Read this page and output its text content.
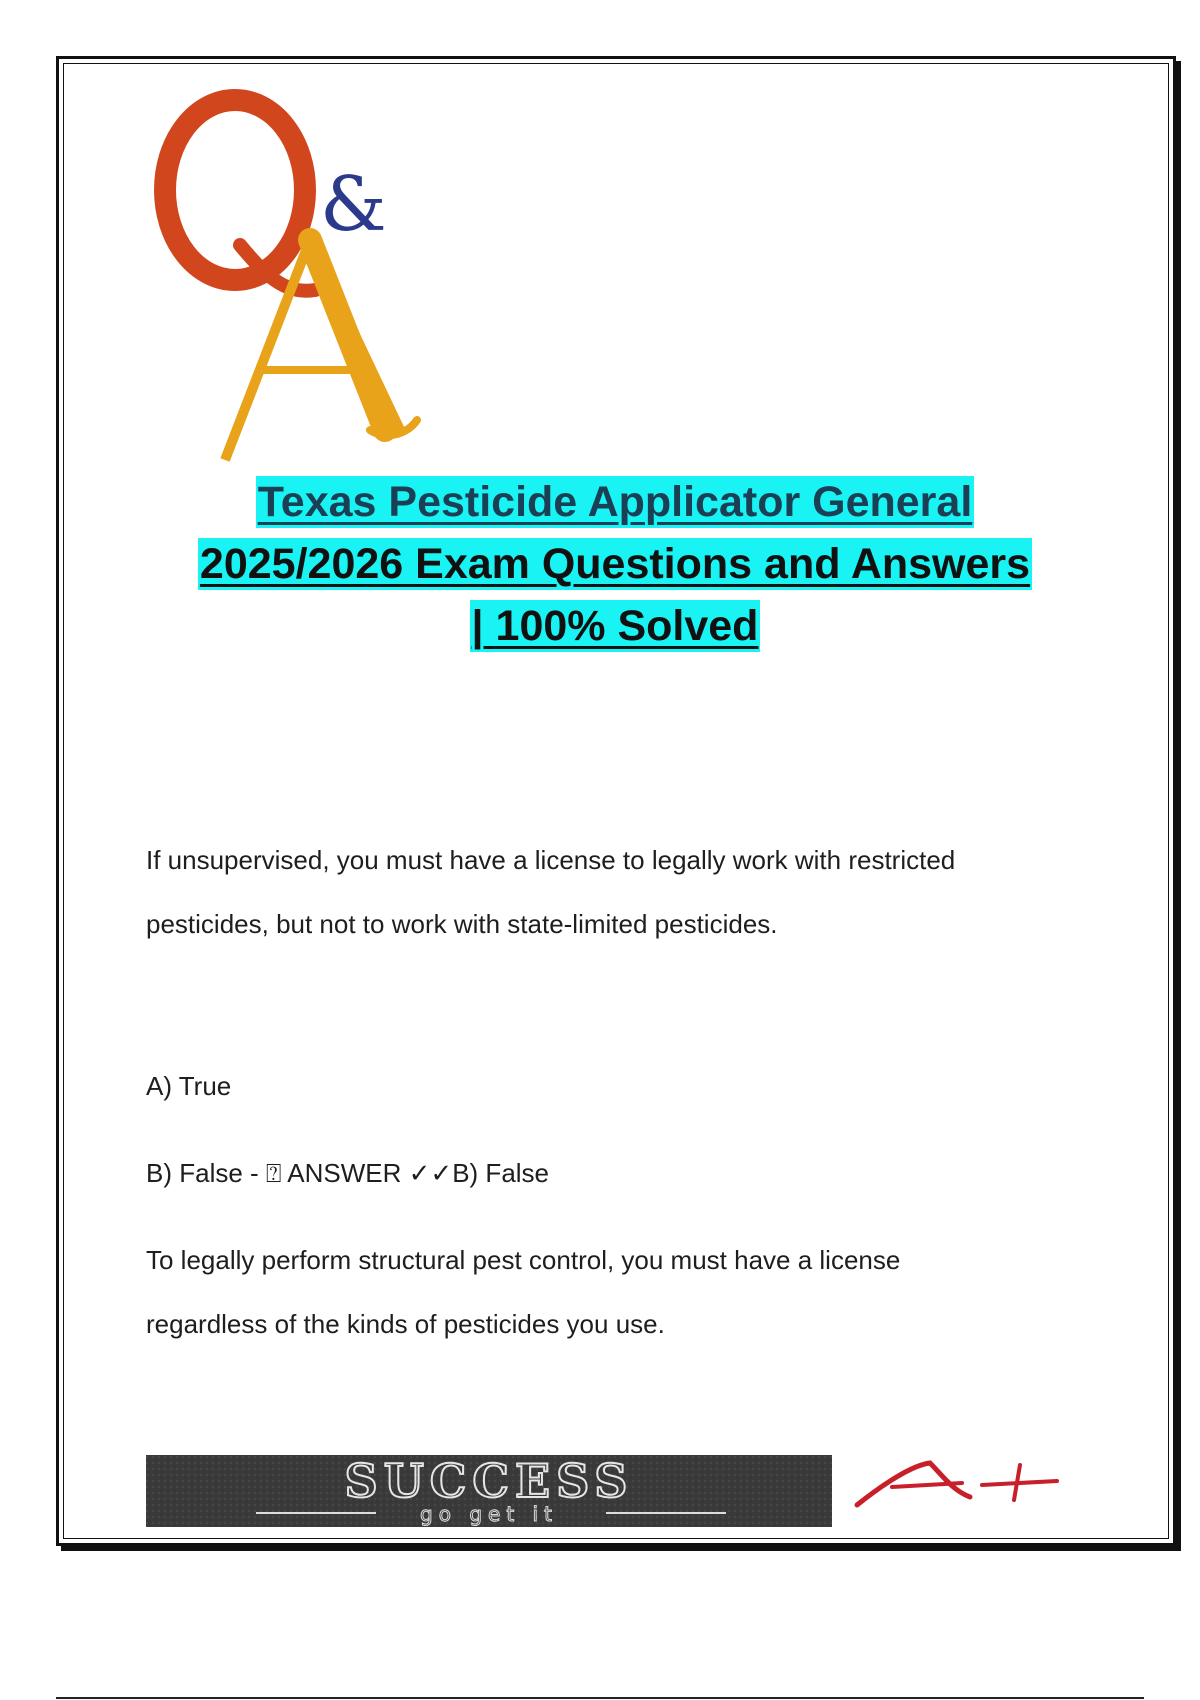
&
Texas Pesticide Applicator General
2025/2026 Exam Questions and Answers
| 100% Solved
If unsupervised, you must have a license to legally work with restricted
pesticides, but not to work with state-limited pesticides.
A) True
B) False - ⍰ ANSWER ✓✓B) False
To legally perform structural pest control, you must have a license
regardless of the kinds of pesticides you use.
SUCCESS
go get it
